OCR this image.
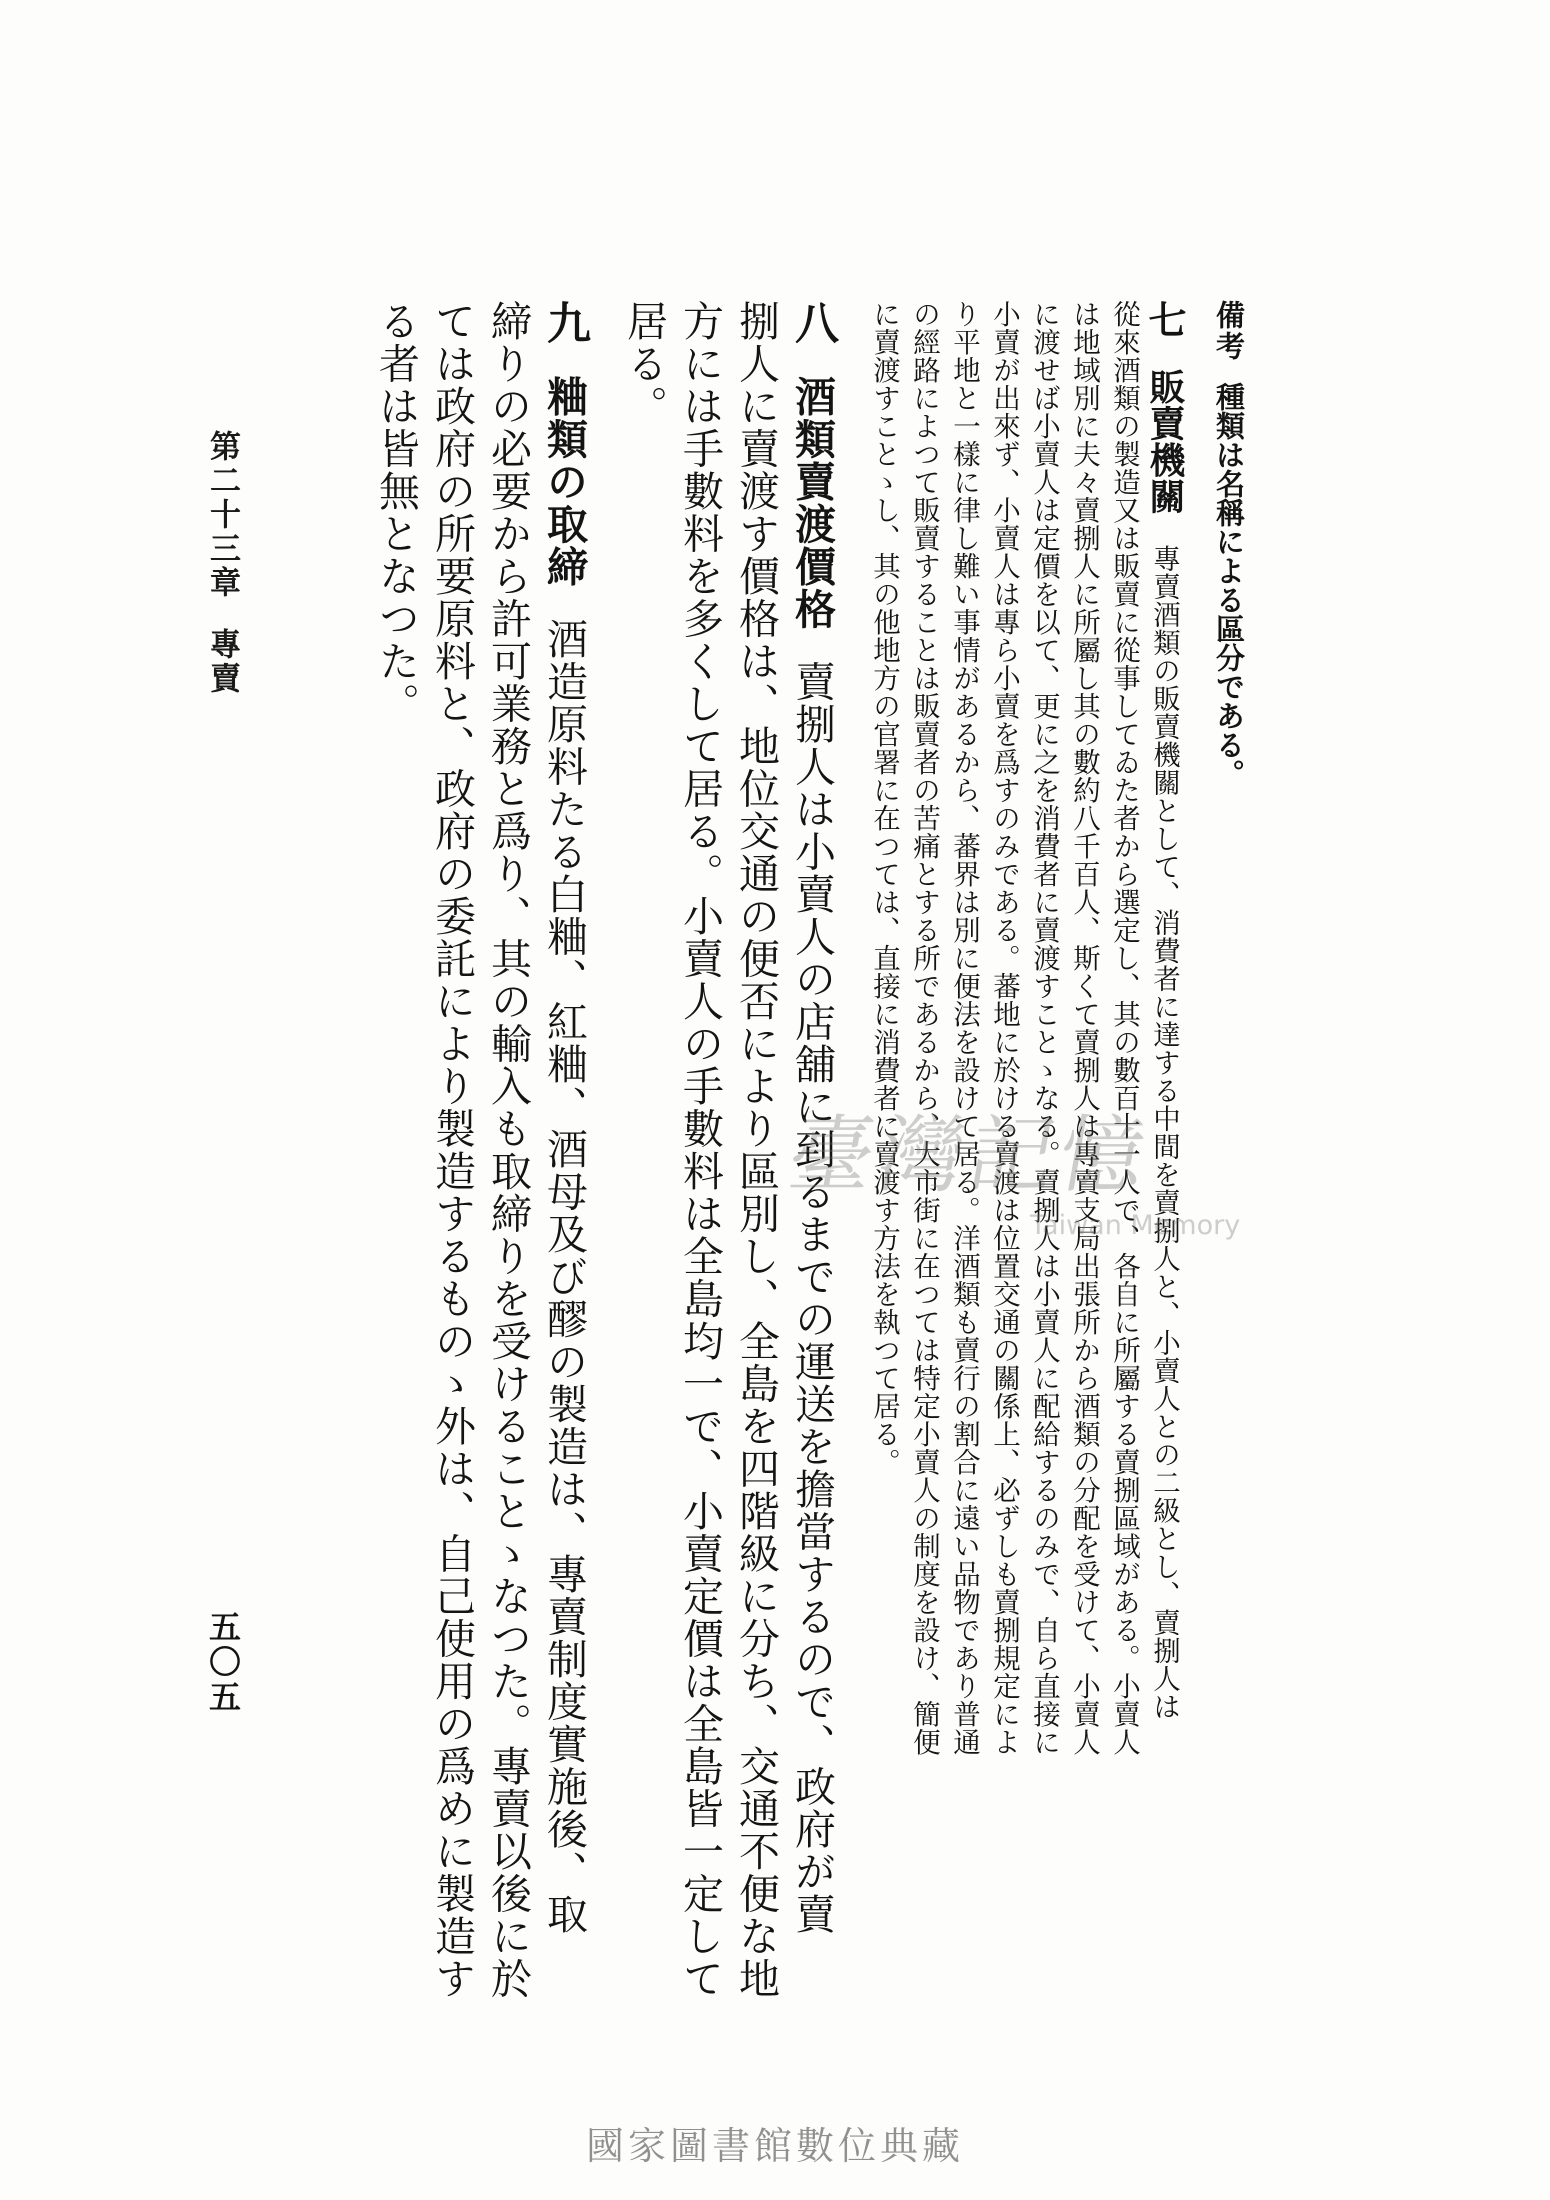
備考種類は名稱による區分である。
七販賣機關專賣酒類の販賣機關として、消費者に達する中間を賣捌人と、小賣人との二級とし、賣捌人は
從來酒類の製造又は販賣に從事してゐた者から選定し、其の數百十一人で、各自に所屬する賣捌區域がある。小賣人
は地域別に夫々賣捌人に所屬し其の數約八千百人、斯くて賣捌人は專賣支局出張所から酒類の分配を受けて、小賣人
に渡せば小賣人は定價を以て、更に之を消費者に賣渡すことゝなる。賣捌人は小賣人に配給するのみで、自ら直接に
小賣が出來ず、小賣人は專ら小賣を爲すのみである。蕃地に於ける賣渡は位置交通の關係上、必ずしも賣捌規定によ
り平地と一樣に律し難い事情があるから、蕃界は別に便法を設けて居る。洋酒類も賣行の割合に遠い品物であり普通
の經路によつて販賣することは販賣者の苦痛とする所であるから、大市街に在つては特定小賣人の制度を設け、簡便
に賣渡すことゝし、其の他地方の官署に在つては、直接に消費者に賣渡す方法を執つて居る。
八酒類賣渡價格賣捌人は小賣人の店舖に到るまでの運送を擔當するので、政府が賣
捌人に賣渡す價格は、地位交通の便否により區別し、全島を四階級に分ち、交通不便な地
方には手數料を多くして居る。小賣人の手數料は全島均一で、小賣定價は全島皆一定して
居る。
九粬類の取締酒造原料たる白粬、紅粬、酒母及び醪の製造は、專賣制度實施後、取
締りの必要から許可業務と爲り、其の輸入も取締りを受けることゝなつた。專賣以後に於
ては政府の所要原料と、政府の委託により製造するものゝ外は、自己使用の爲めに製造す
る者は皆無となつた。
第二十三章專賣
五〇五
臺灣記憶
Taiwan Memory
國家圖書館數位典藏
